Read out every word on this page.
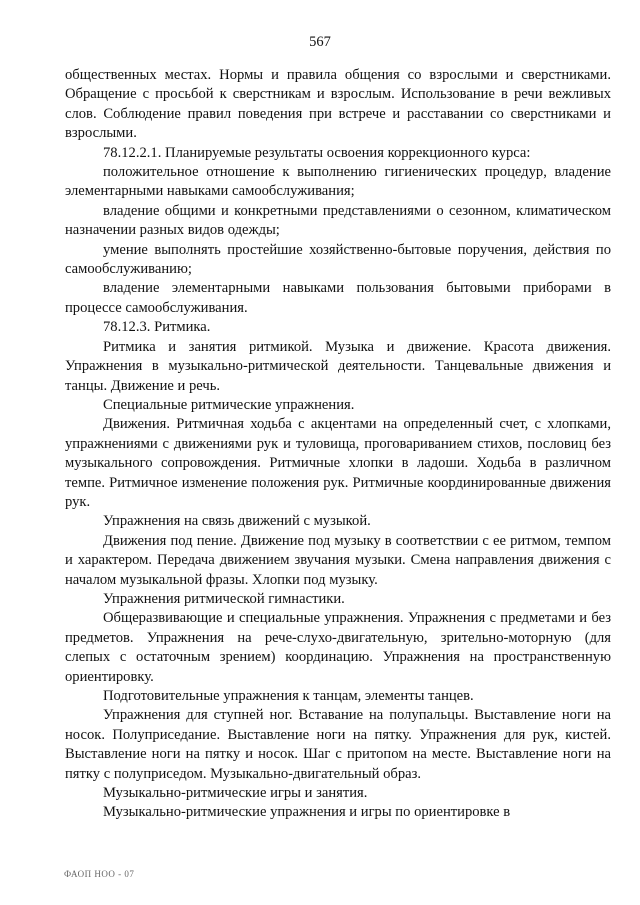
567

общественных местах. Нормы и правила общения со взрослыми и сверстниками. Обращение с просьбой к сверстникам и взрослым. Использование в речи вежливых слов. Соблюдение правил поведения при встрече и расставании со сверстниками и взрослыми.

78.12.2.1. Планируемые результаты освоения коррекционного курса:

положительное отношение к выполнению гигиенических процедур, владение элементарными навыками самообслуживания;

владение общими и конкретными представлениями о сезонном, климатическом назначении разных видов одежды;

умение выполнять простейшие хозяйственно-бытовые поручения, действия по самообслуживанию;

владение элементарными навыками пользования бытовыми приборами в процессе самообслуживания.

78.12.3. Ритмика.

Ритмика и занятия ритмикой. Музыка и движение. Красота движения. Упражнения в музыкально-ритмической деятельности. Танцевальные движения и танцы. Движение и речь.

Специальные ритмические упражнения.

Движения. Ритмичная ходьба с акцентами на определенный счет, с хлопками, упражнениями с движениями рук и туловища, проговариванием стихов, пословиц без музыкального сопровождения. Ритмичные хлопки в ладоши. Ходьба в различном темпе. Ритмичное изменение положения рук. Ритмичные координированные движения рук.

Упражнения на связь движений с музыкой.

Движения под пение. Движение под музыку в соответствии с ее ритмом, темпом и характером. Передача движением звучания музыки. Смена направления движения с началом музыкальной фразы. Хлопки под музыку.

Упражнения ритмической гимнастики.

Общеразвивающие и специальные упражнения. Упражнения с предметами и без предметов. Упражнения на рече-слухо-двигательную, зрительно-моторную (для слепых с остаточным зрением) координацию. Упражнения на пространственную ориентировку.

Подготовительные упражнения к танцам, элементы танцев.

Упражнения для ступней ног. Вставание на полупальцы. Выставление ноги на носок. Полуприседание. Выставление ноги на пятку. Упражнения для рук, кистей. Выставление ноги на пятку и носок. Шаг с притопом на месте. Выставление ноги на пятку с полуприседом. Музыкально-двигательный образ.

Музыкально-ритмические игры и занятия.

Музыкально-ритмические упражнения и игры по ориентировке в

ФАОП НОО - 07
